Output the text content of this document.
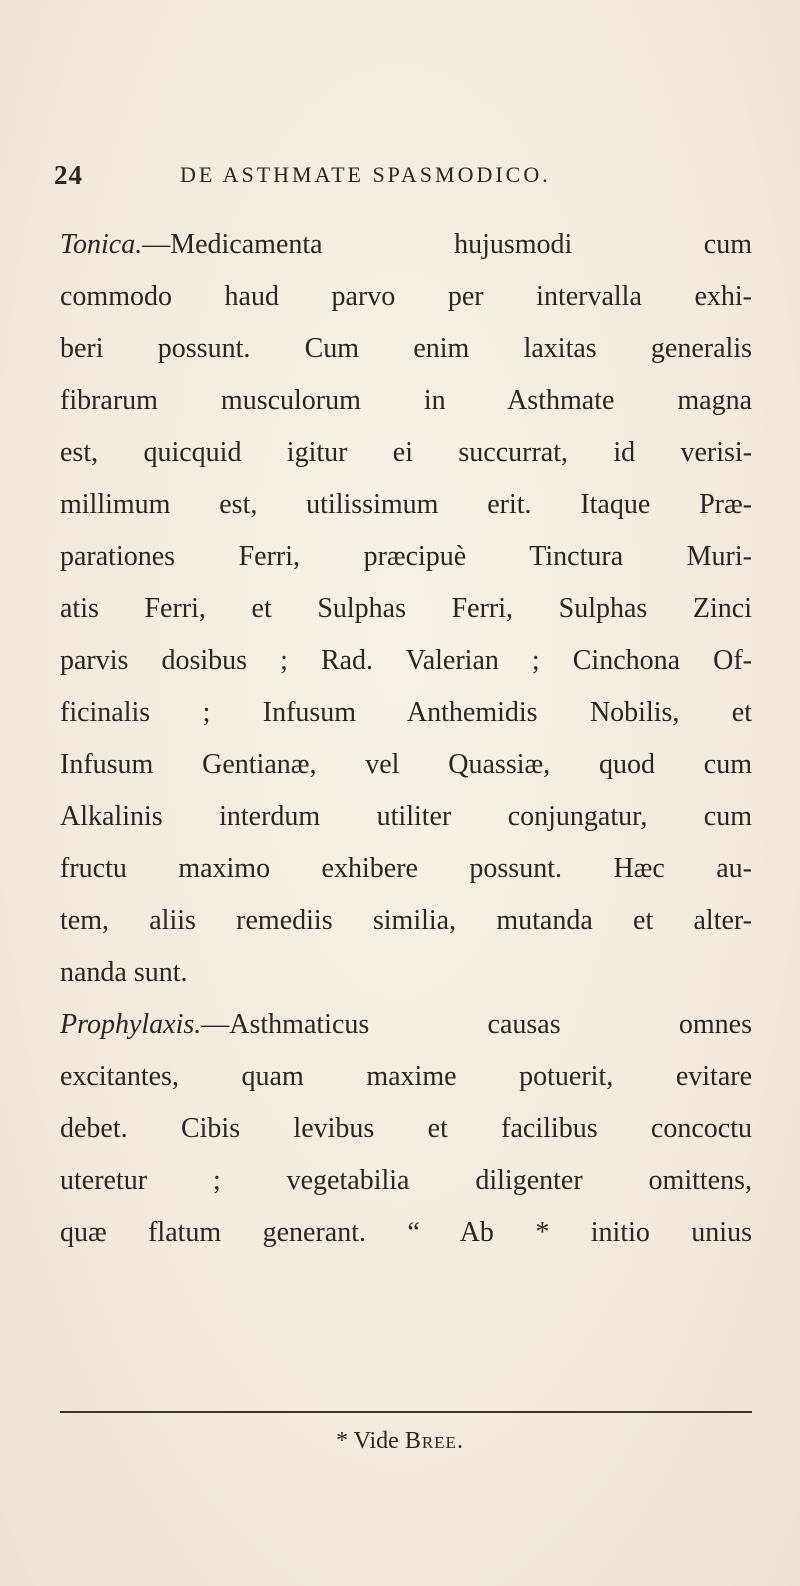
24	DE ASTHMATE SPASMODICO.
Tonica.—Medicamenta hujusmodi cum
commodo haud parvo per intervalla exhi-
beri possunt. Cum enim laxitas generalis
fibrarum musculorum in Asthmate magna
est, quicquid igitur ei succurrat, id verisi-
millimum est, utilissimum erit. Itaque Præ-
parationes Ferri, præcipuè Tinctura Muri-
atis Ferri, et Sulphas Ferri, Sulphas Zinci
parvis dosibus ; Rad. Valerian ; Cinchona Of-
ficinalis ; Infusum Anthemidis Nobilis, et
Infusum Gentianæ, vel Quassiæ, quod cum
Alkalinis interdum utiliter conjungatur, cum
fructu maximo exhibere possunt. Hæc au-
tem, aliis remediis similia, mutanda et alter-
nanda sunt.
Prophylaxis.—Asthmaticus causas omnes
excitantes, quam maxime potuerit, evitare
debet. Cibis levibus et facilibus concoctu
uteretur ; vegetabilia diligenter omittens,
quæ flatum generant. “ Ab * initio unius
* Vide Bree.
